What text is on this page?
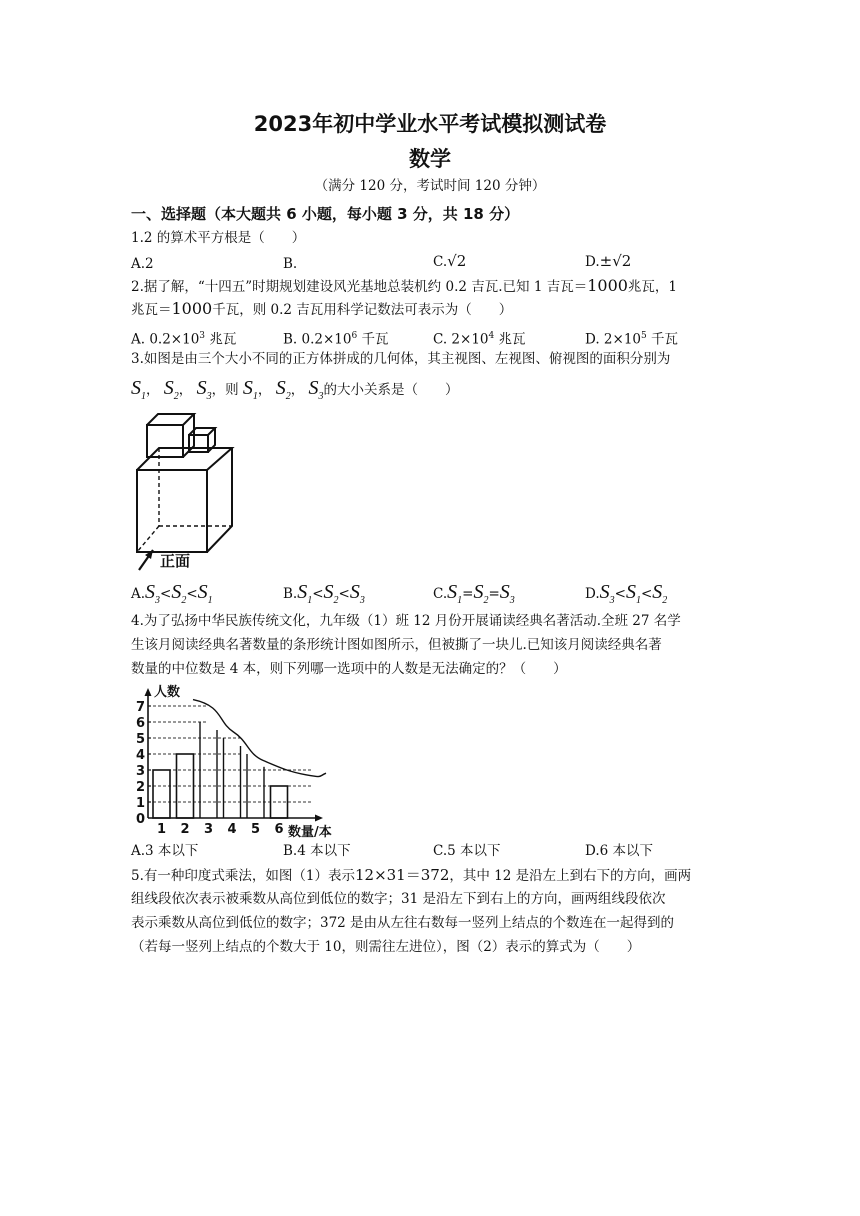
2023年初中学业水平考试模拟测试卷
数学
（满分 120 分，考试时间 120 分钟）
一、选择题（本大题共 6 小题，每小题 3 分，共 18 分）
1.2 的算术平方根是（　　）
A.2	B.	C.√2	D.±√2
2.据了解，“十四五”时期规划建设风光基地总装机约 0.2 吉瓦.已知 1 吉瓦＝1000兆瓦，1
兆瓦＝1000千瓦，则 0.2 吉瓦用科学记数法可表示为（　　）
A. $0.2\times 10^3$ 兆瓦	B. $0.2\times 10^6$ 千瓦	C. $2\times 10^4$ 兆瓦	D. $2\times 10^5$ 千瓦
3.如图是由三个大小不同的正方体拼成的几何体，其主视图、左视图、俯视图的面积分别为
$S_1$， $S_2$， $S_3$，则 $S_1$， $S_2$， $S_3$的大小关系是（　　）
正面
$A.S_3<S_2<S_1$	$B.S_1<S_2<S_3$	$C.S_1=S_2=S_3$	$D.S_3<S_1<S_2$
4.为了弘扬中华民族传统文化，九年级（1）班 12 月份开展诵读经典名著活动.全班 27 名学
生该月阅读经典名著数量的条形统计图如图所示，但被撕了一块儿.已知该月阅读经典名著
数量的中位数是 4 本，则下列哪一选项中的人数是无法确定的？（　　）
0
1
2
3
4
5
6
7
1 2 3 4 5 6
人数
数量/本
A.3 本以下	B.4 本以下	C.5 本以下	D.6 本以下
5.有一种印度式乘法，如图（1）表示12×31＝372，其中 12 是沿左上到右下的方向，画两
组线段依次表示被乘数从高位到低位的数字；31 是沿左下到右上的方向，画两组线段依次
表示乘数从高位到低位的数字；372 是由从左往右数每一竖列上结点的个数连在一起得到的
（若每一竖列上结点的个数大于 10，则需往左进位），图（2）表示的算式为（　　）
